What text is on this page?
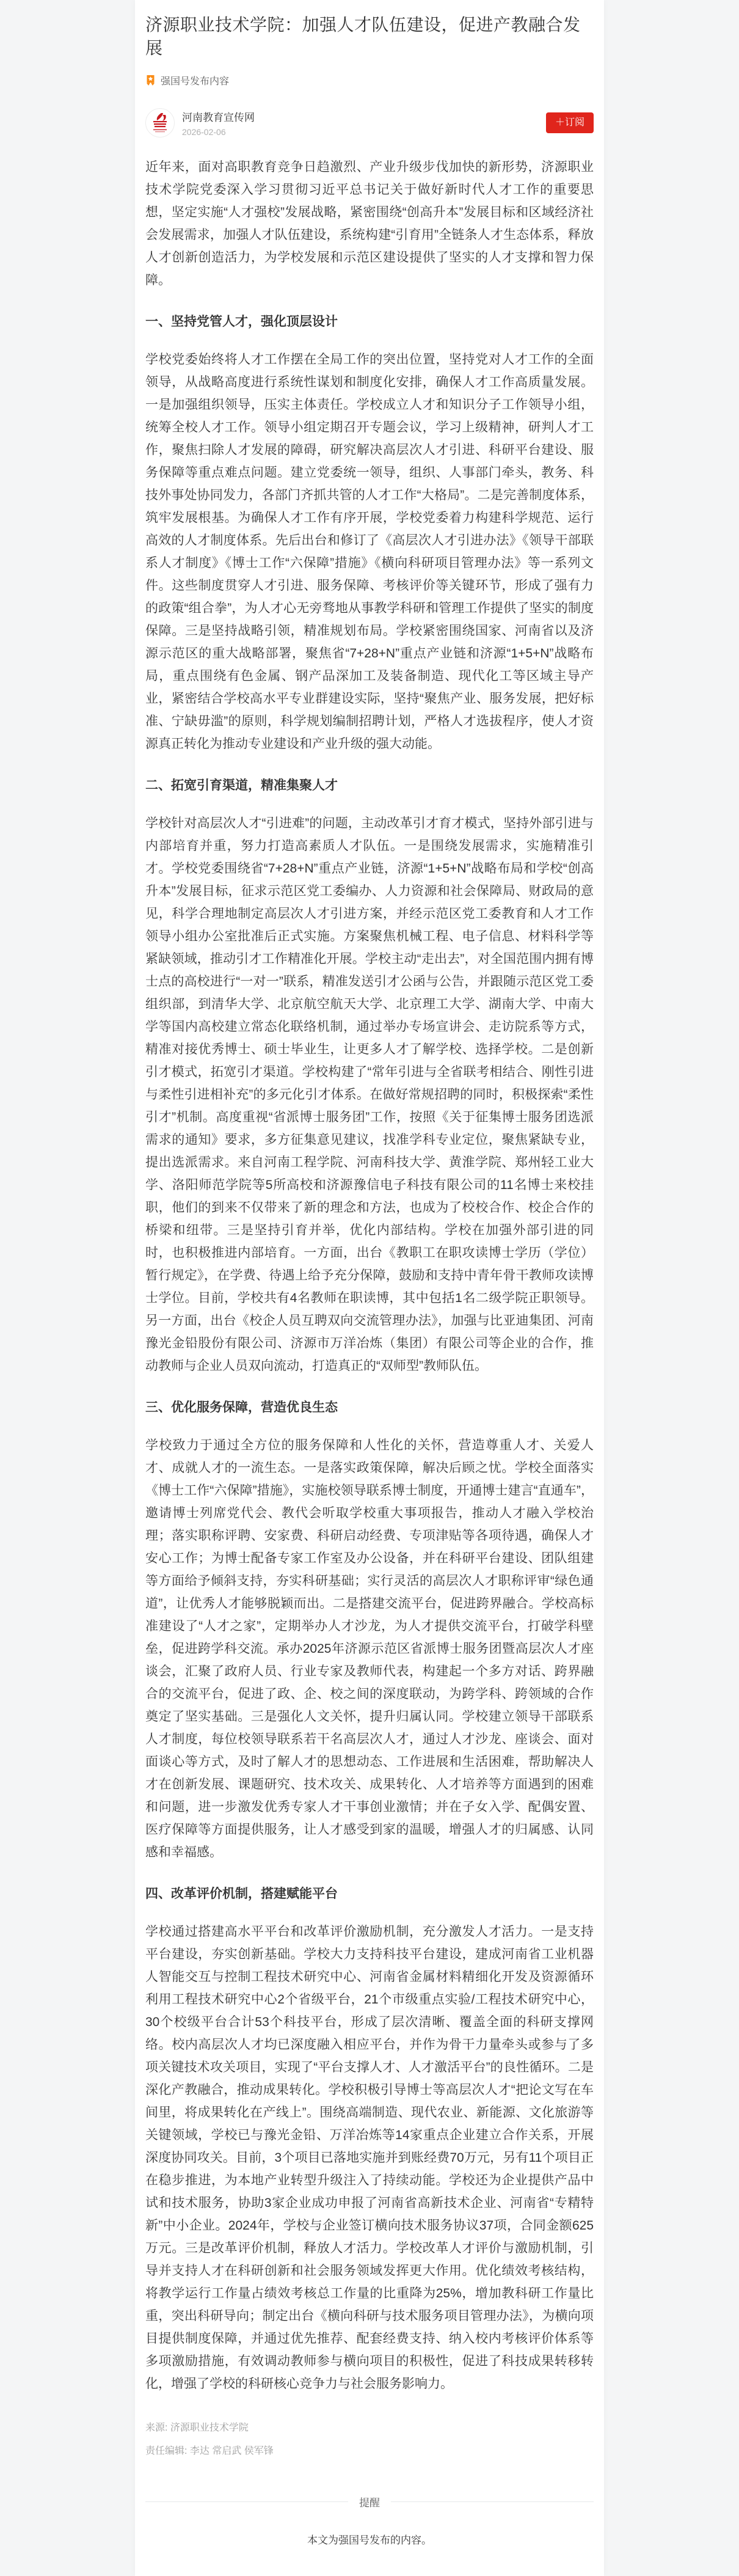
济源职业技术学院：加强人才队伍建设，促进产教融合发展
强国号发布内容
河南教育宣传网
2026-02-06
＋订阅

近年来，面对高职教育竞争日趋激烈、产业升级步伐加快的新形势，济源职业技术学院党委深入学习贯彻习近平总书记关于做好新时代人才工作的重要思想，坚定实施“人才强校”发展战略，紧密围绕“创高升本”发展目标和区域经济社会发展需求，加强人才队伍建设，系统构建“引育用”全链条人才生态体系，释放人才创新创造活力，为学校发展和示范区建设提供了坚实的人才支撑和智力保障。

一、坚持党管人才，强化顶层设计

学校党委始终将人才工作摆在全局工作的突出位置，坚持党对人才工作的全面领导，从战略高度进行系统性谋划和制度化安排，确保人才工作高质量发展。一是加强组织领导，压实主体责任。学校成立人才和知识分子工作领导小组，统筹全校人才工作。领导小组定期召开专题会议，学习上级精神，研判人才工作，聚焦扫除人才发展的障碍，研究解决高层次人才引进、科研平台建设、服务保障等重点难点问题。建立党委统一领导，组织、人事部门牵头，教务、科技外事处协同发力，各部门齐抓共管的人才工作“大格局”。二是完善制度体系，筑牢发展根基。为确保人才工作有序开展，学校党委着力构建科学规范、运行高效的人才制度体系。先后出台和修订了《高层次人才引进办法》《领导干部联系人才制度》《博士工作“六保障”措施》《横向科研项目管理办法》等一系列文件。这些制度贯穿人才引进、服务保障、考核评价等关键环节，形成了强有力的政策“组合拳”，为人才心无旁骛地从事教学科研和管理工作提供了坚实的制度保障。三是坚持战略引领，精准规划布局。学校紧密围绕国家、河南省以及济源示范区的重大战略部署，聚焦省“7+28+N”重点产业链和济源“1+5+N”战略布局，重点围绕有色金属、钢产品深加工及装备制造、现代化工等区域主导产业，紧密结合学校高水平专业群建设实际，坚持“聚焦产业、服务发展，把好标准、宁缺毋滥”的原则，科学规划编制招聘计划，严格人才选拔程序，使人才资源真正转化为推动专业建设和产业升级的强大动能。

二、拓宽引育渠道，精准集聚人才

学校针对高层次人才“引进难”的问题，主动改革引才育才模式，坚持外部引进与内部培育并重，努力打造高素质人才队伍。一是围绕发展需求，实施精准引才。学校党委围绕省“7+28+N”重点产业链，济源“1+5+N”战略布局和学校“创高升本”发展目标，征求示范区党工委编办、人力资源和社会保障局、财政局的意见，科学合理地制定高层次人才引进方案，并经示范区党工委教育和人才工作领导小组办公室批准后正式实施。方案聚焦机械工程、电子信息、材料科学等紧缺领域，推动引才工作精准化开展。学校主动“走出去”，对全国范围内拥有博士点的高校进行“一对一”联系，精准发送引才公函与公告，并跟随示范区党工委组织部，到清华大学、北京航空航天大学、北京理工大学、湖南大学、中南大学等国内高校建立常态化联络机制，通过举办专场宣讲会、走访院系等方式，精准对接优秀博士、硕士毕业生，让更多人才了解学校、选择学校。二是创新引才模式，拓宽引才渠道。学校构建了“常年引进与全省联考相结合、刚性引进与柔性引进相补充”的多元化引才体系。在做好常规招聘的同时，积极探索“柔性引才”机制。高度重视“省派博士服务团”工作，按照《关于征集博士服务团选派需求的通知》要求，多方征集意见建议，找准学科专业定位，聚焦紧缺专业，提出选派需求。来自河南工程学院、河南科技大学、黄淮学院、郑州轻工业大学、洛阳师范学院等5所高校和济源豫信电子科技有限公司的11名博士来校挂职，他们的到来不仅带来了新的理念和方法，也成为了校校合作、校企合作的桥梁和纽带。三是坚持引育并举，优化内部结构。学校在加强外部引进的同时，也积极推进内部培育。一方面，出台《教职工在职攻读博士学历（学位）暂行规定》，在学费、待遇上给予充分保障，鼓励和支持中青年骨干教师攻读博士学位。目前，学校共有4名教师在职读博，其中包括1名二级学院正职领导。另一方面，出台《校企人员互聘双向交流管理办法》，加强与比亚迪集团、河南豫光金铅股份有限公司、济源市万洋冶炼（集团）有限公司等企业的合作，推动教师与企业人员双向流动，打造真正的“双师型”教师队伍。

三、优化服务保障，营造优良生态

学校致力于通过全方位的服务保障和人性化的关怀，营造尊重人才、关爱人才、成就人才的一流生态。一是落实政策保障，解决后顾之忧。学校全面落实《博士工作“六保障”措施》，实施校领导联系博士制度，开通博士建言“直通车”，邀请博士列席党代会、教代会听取学校重大事项报告，推动人才融入学校治理；落实职称评聘、安家费、科研启动经费、专项津贴等各项待遇，确保人才安心工作；为博士配备专家工作室及办公设备，并在科研平台建设、团队组建等方面给予倾斜支持，夯实科研基础；实行灵活的高层次人才职称评审“绿色通道”，让优秀人才能够脱颖而出。二是搭建交流平台，促进跨界融合。学校高标准建设了“人才之家”，定期举办人才沙龙，为人才提供交流平台，打破学科壁垒，促进跨学科交流。承办2025年济源示范区省派博士服务团暨高层次人才座谈会，汇聚了政府人员、行业专家及教师代表，构建起一个多方对话、跨界融合的交流平台，促进了政、企、校之间的深度联动，为跨学科、跨领域的合作奠定了坚实基础。三是强化人文关怀，提升归属认同。学校建立领导干部联系人才制度，每位校领导联系若干名高层次人才，通过人才沙龙、座谈会、面对面谈心等方式，及时了解人才的思想动态、工作进展和生活困难，帮助解决人才在创新发展、课题研究、技术攻关、成果转化、人才培养等方面遇到的困难和问题，进一步激发优秀专家人才干事创业激情；并在子女入学、配偶安置、医疗保障等方面提供服务，让人才感受到家的温暖，增强人才的归属感、认同感和幸福感。

四、改革评价机制，搭建赋能平台

学校通过搭建高水平平台和改革评价激励机制，充分激发人才活力。一是支持平台建设，夯实创新基础。学校大力支持科技平台建设，建成河南省工业机器人智能交互与控制工程技术研究中心、河南省金属材料精细化开发及资源循环利用工程技术研究中心2个省级平台，21个市级重点实验/工程技术研究中心，30个校级平台合计53个科技平台，形成了层次清晰、覆盖全面的科研支撑网络。校内高层次人才均已深度融入相应平台，并作为骨干力量牵头或参与了多项关键技术攻关项目，实现了“平台支撑人才、人才激活平台”的良性循环。二是深化产教融合，推动成果转化。学校积极引导博士等高层次人才“把论文写在车间里，将成果转化在产线上”。围绕高端制造、现代农业、新能源、文化旅游等关键领域，学校已与豫光金铅、万洋冶炼等14家重点企业建立合作关系，开展深度协同攻关。目前，3个项目已落地实施并到账经费70万元，另有11个项目正在稳步推进，为本地产业转型升级注入了持续动能。学校还为企业提供产品中试和技术服务，协助3家企业成功申报了河南省高新技术企业、河南省“专精特新”中小企业。2024年，学校与企业签订横向技术服务协议37项，合同金额625万元。三是改革评价机制，释放人才活力。学校改革人才评价与激励机制，引导并支持人才在科研创新和社会服务领域发挥更大作用。优化绩效考核结构，将教学运行工作量占绩效考核总工作量的比重降为25%，增加教科研工作量比重，突出科研导向；制定出台《横向科研与技术服务项目管理办法》，为横向项目提供制度保障，并通过优先推荐、配套经费支持、纳入校内考核评价体系等多项激励措施，有效调动教师参与横向项目的积极性，促进了科技成果转移转化，增强了学校的科研核心竞争力与社会服务影响力。

来源: 济源职业技术学院
责任编辑: 李达 常启武 侯军锋
提醒
本文为强国号发布的内容。
